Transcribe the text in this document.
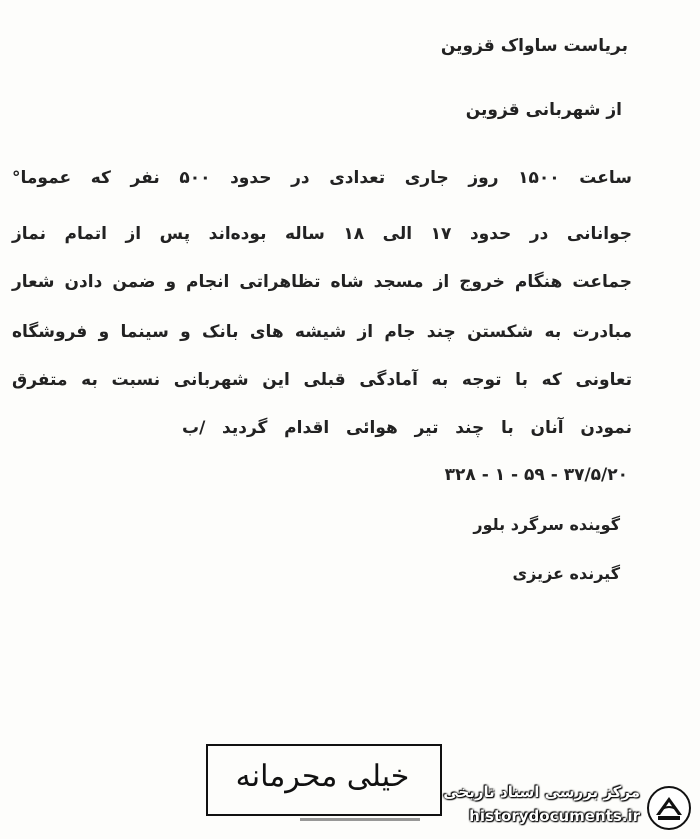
بریاست ساواک قزوین
از شهربانی قزوین
ساعت ۱۵۰۰ روز جاری تعدادی در حدود ۵۰۰ نفر که عموما°
جوانانی در حدود ۱۷ الی ۱۸ ساله بوده‌اند پس از اتمام نماز
جماعت هنگام خروج از مسجد شاه تظاهراتی انجام و ضمن دادن شعار
مبادرت به شکستن چند جام از شیشه های بانک و سینما و فروشگاه
تعاونی که با توجه به آمادگی قبلی این شهربانی نسبت به متفرق
نمودن آنان با چند تیر هوائی اقدام گردید /ب
۳۷/۵/۲۰ - ۵۹ - ۱ - ۳۲۸
گوینده سرگرد بلور
گیرنده عزیزی
خیلی محرمانه	مرکز بررسی اسناد تاریخی
historydocuments.ir
